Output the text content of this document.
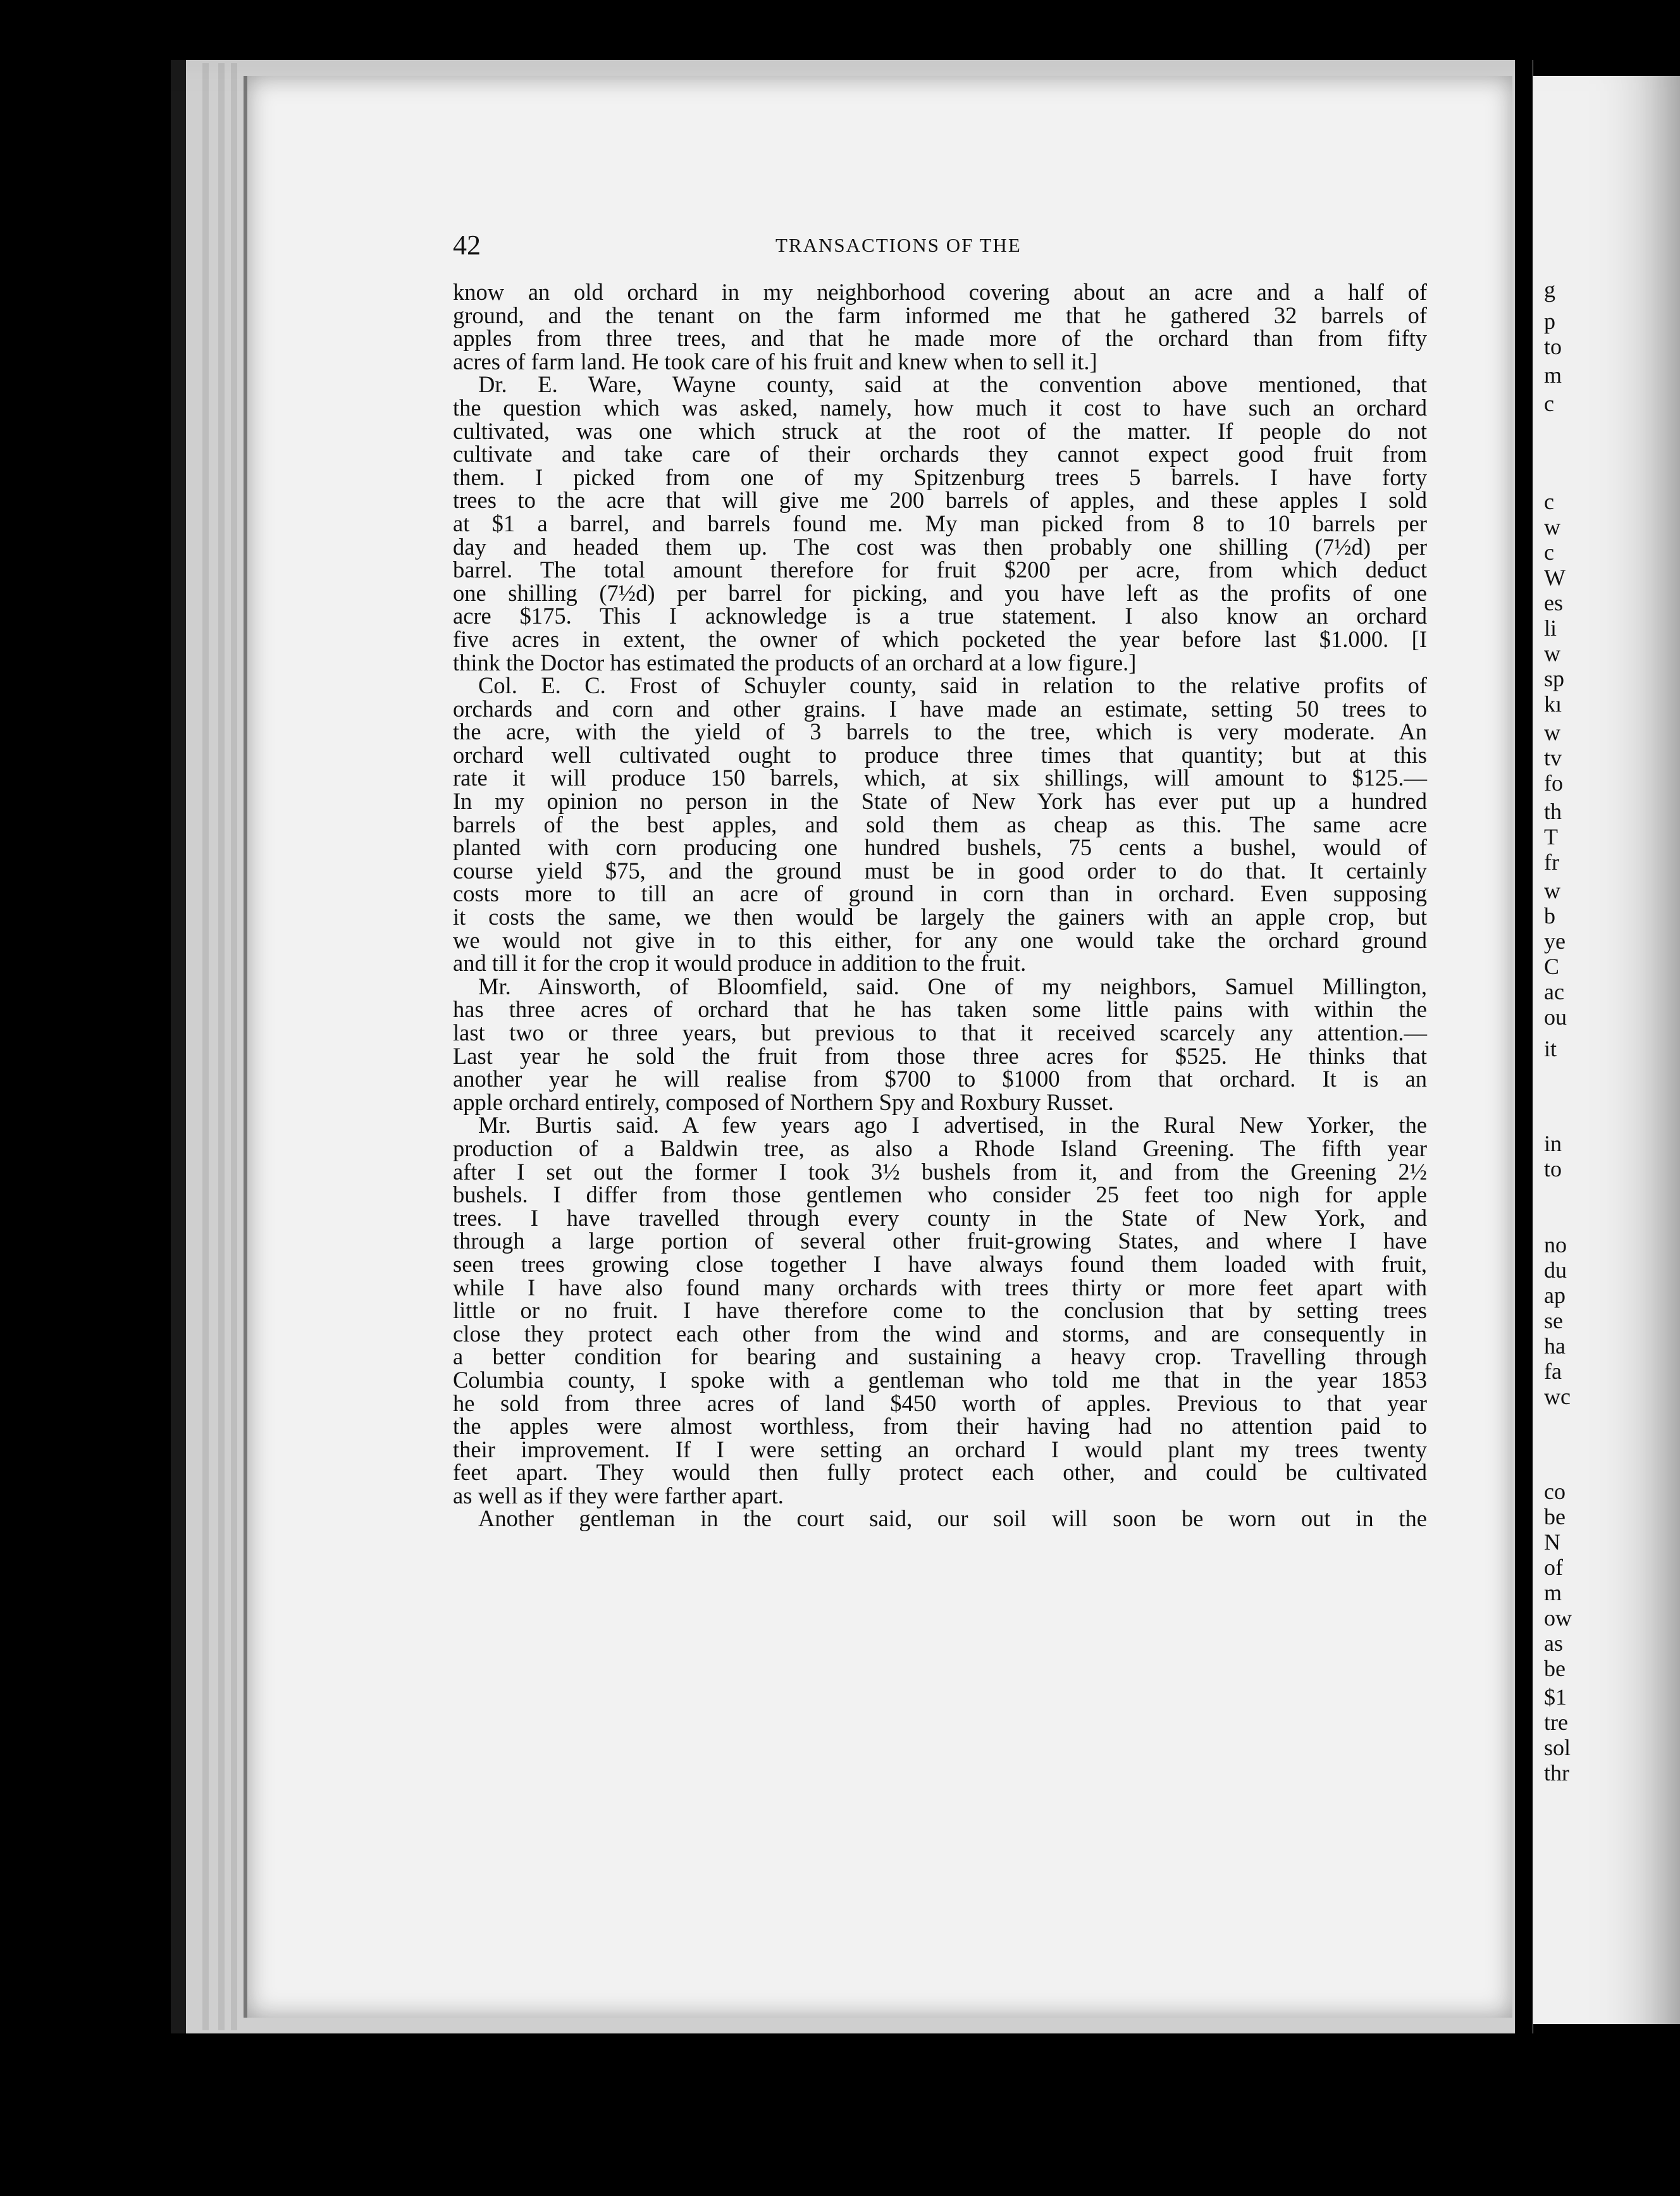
g
p
to
m
c
c
w
c
W
es
li
w
sp
kı
w
tv
fo
th
T
fr
w
b
ye
C
ac
ou
it
in
to
no
du
ap
se
ha
fa
wc
co
be
N
of
m
ow
as
be
$1
tre
sol
thr
42	TRANSACTIONS OF THE
know an old orchard in my neighborhood covering about an acre and a half of
ground, and the tenant on the farm informed me that he gathered 32 barrels of
apples from three trees, and that he made more of the orchard than from fifty
acres of farm land. He took care of his fruit and knew when to sell it.]
Dr. E. Ware, Wayne county, said at the convention above mentioned, that
the question which was asked, namely, how much it cost to have such an orchard
cultivated, was one which struck at the root of the matter. If people do not
cultivate and take care of their orchards they cannot expect good fruit from
them. I picked from one of my Spitzenburg trees 5 barrels. I have forty
trees to the acre that will give me 200 barrels of apples, and these apples I sold
at $1 a barrel, and barrels found me. My man picked from 8 to 10 barrels per
day and headed them up. The cost was then probably one shilling (7½d) per
barrel. The total amount therefore for fruit $200 per acre, from which deduct
one shilling (7½d) per barrel for picking, and you have left as the profits of one
acre $175. This I acknowledge is a true statement. I also know an orchard
five acres in extent, the owner of which pocketed the year before last $1.000. [I
think the Doctor has estimated the products of an orchard at a low figure.]
Col. E. C. Frost of Schuyler county, said in relation to the relative profits of
orchards and corn and other grains. I have made an estimate, setting 50 trees to
the acre, with the yield of 3 barrels to the tree, which is very moderate. An
orchard well cultivated ought to produce three times that quantity; but at this
rate it will produce 150 barrels, which, at six shillings, will amount to $125.—
In my opinion no person in the State of New York has ever put up a hundred
barrels of the best apples, and sold them as cheap as this. The same acre
planted with corn producing one hundred bushels, 75 cents a bushel, would of
course yield $75, and the ground must be in good order to do that. It certainly
costs more to till an acre of ground in corn than in orchard. Even supposing
it costs the same, we then would be largely the gainers with an apple crop, but
we would not give in to this either, for any one would take the orchard ground
and till it for the crop it would produce in addition to the fruit.
Mr. Ainsworth, of Bloomfield, said. One of my neighbors, Samuel Millington,
has three acres of orchard that he has taken some little pains with within the
last two or three years, but previous to that it received scarcely any attention.—
Last year he sold the fruit from those three acres for $525. He thinks that
another year he will realise from $700 to $1000 from that orchard. It is an
apple orchard entirely, composed of Northern Spy and Roxbury Russet.
Mr. Burtis said. A few years ago I advertised, in the Rural New Yorker, the
production of a Baldwin tree, as also a Rhode Island Greening. The fifth year
after I set out the former I took 3½ bushels from it, and from the Greening 2½
bushels. I differ from those gentlemen who consider 25 feet too nigh for apple
trees. I have travelled through every county in the State of New York, and
through a large portion of several other fruit-growing States, and where I have
seen trees growing close together I have always found them loaded with fruit,
while I have also found many orchards with trees thirty or more feet apart with
little or no fruit. I have therefore come to the conclusion that by setting trees
close they protect each other from the wind and storms, and are consequently in
a better condition for bearing and sustaining a heavy crop. Travelling through
Columbia county, I spoke with a gentleman who told me that in the year 1853
he sold from three acres of land $450 worth of apples. Previous to that year
the apples were almost worthless, from their having had no attention paid to
their improvement. If I were setting an orchard I would plant my trees twenty
feet apart. They would then fully protect each other, and could be cultivated
as well as if they were farther apart.
Another gentleman in the court said, our soil will soon be worn out in the
